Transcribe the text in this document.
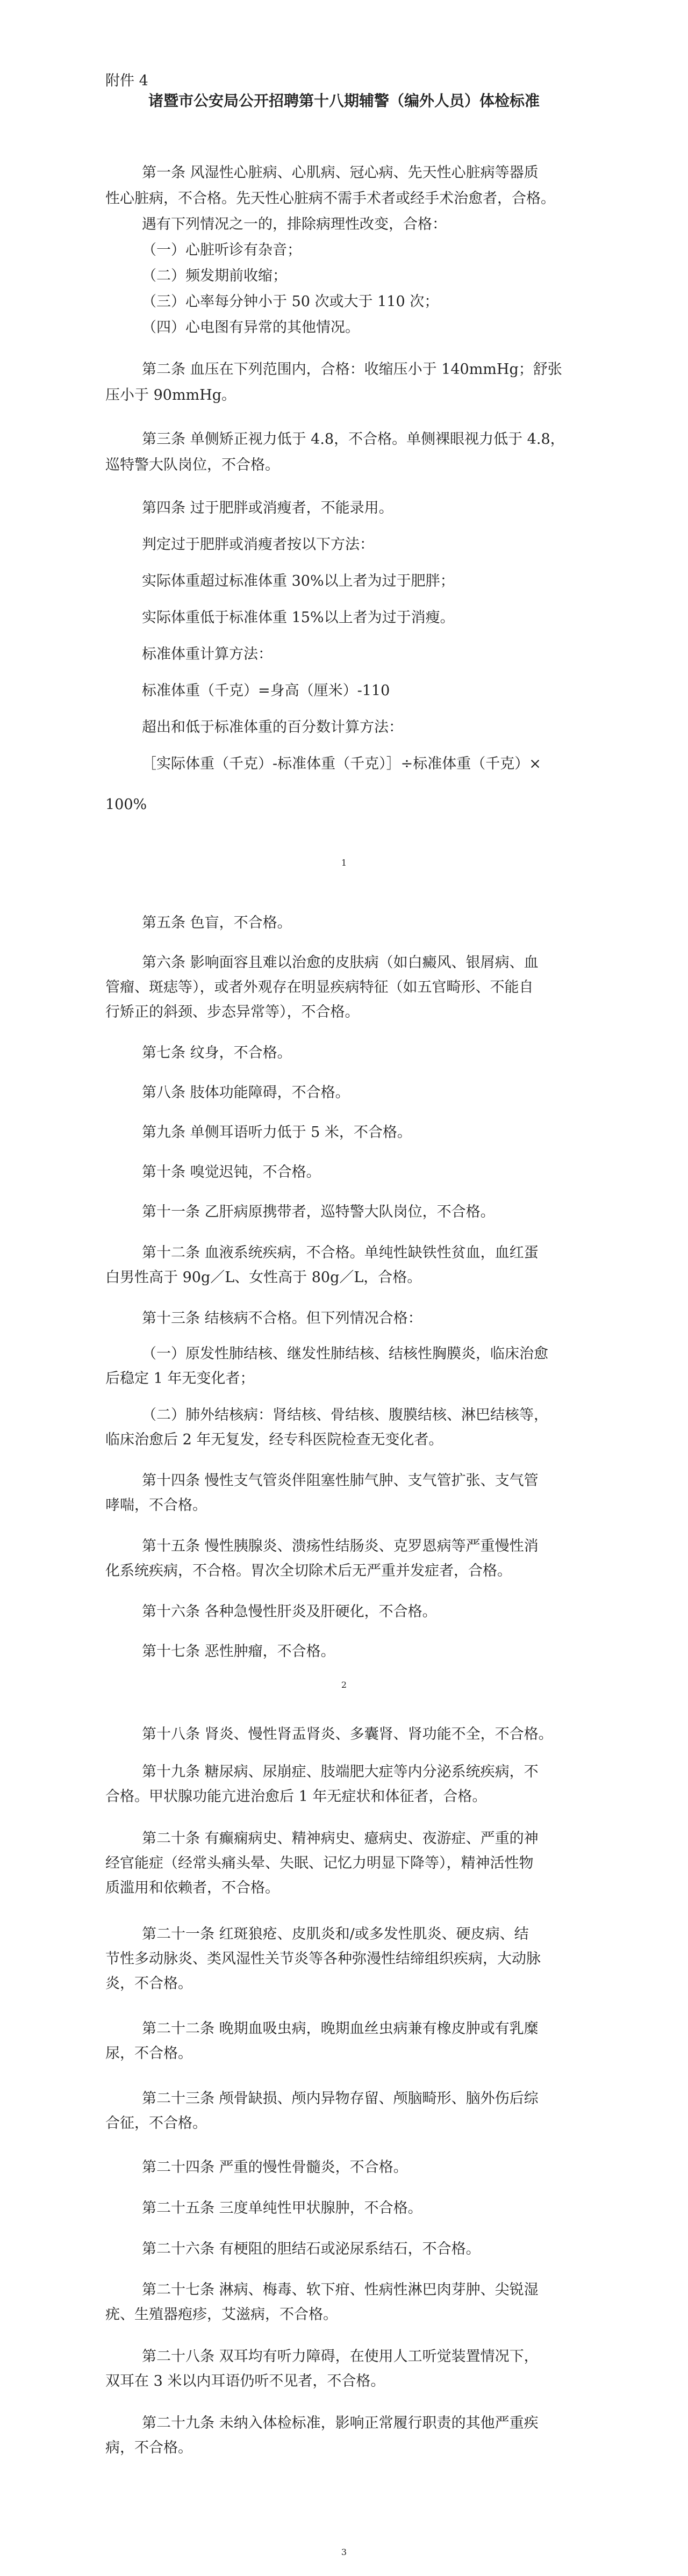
附件 4
诸暨市公安局公开招聘第十八期辅警（编外人员）体检标准
第一条 风湿性心脏病、心肌病、冠心病、先天性心脏病等器质
性心脏病，不合格。先天性心脏病不需手术者或经手术治愈者，合格。
遇有下列情况之一的，排除病理性改变，合格：
（一）心脏听诊有杂音；
（二）频发期前收缩；
（三）心率每分钟小于 50 次或大于 110 次；
（四）心电图有异常的其他情况。
第二条 血压在下列范围内，合格：收缩压小于 140mmHg；舒张
压小于 90mmHg。
第三条 单侧矫正视力低于 4.8，不合格。单侧裸眼视力低于 4.8，
巡特警大队岗位，不合格。
第四条 过于肥胖或消瘦者，不能录用。
判定过于肥胖或消瘦者按以下方法：
实际体重超过标准体重 30%以上者为过于肥胖；
实际体重低于标准体重 15%以上者为过于消瘦。
标准体重计算方法：
标准体重（千克）=身高（厘米）-110
超出和低于标准体重的百分数计算方法：
［实际体重（千克）-标准体重（千克）］÷标准体重（千克）×
100%
1
第五条 色盲，不合格。
第六条 影响面容且难以治愈的皮肤病（如白癜风、银屑病、血
管瘤、斑痣等），或者外观存在明显疾病特征（如五官畸形、不能自
行矫正的斜颈、步态异常等），不合格。
第七条 纹身，不合格。
第八条 肢体功能障碍，不合格。
第九条 单侧耳语听力低于 5 米，不合格。
第十条 嗅觉迟钝，不合格。
第十一条 乙肝病原携带者，巡特警大队岗位，不合格。
第十二条 血液系统疾病，不合格。单纯性缺铁性贫血，血红蛋
白男性高于 90g／L、女性高于 80g／L，合格。
第十三条 结核病不合格。但下列情况合格：
（一）原发性肺结核、继发性肺结核、结核性胸膜炎，临床治愈
后稳定 1 年无变化者；
（二）肺外结核病：肾结核、骨结核、腹膜结核、淋巴结核等，
临床治愈后 2 年无复发，经专科医院检查无变化者。
第十四条 慢性支气管炎伴阻塞性肺气肿、支气管扩张、支气管
哮喘，不合格。
第十五条 慢性胰腺炎、溃疡性结肠炎、克罗恩病等严重慢性消
化系统疾病，不合格。胃次全切除术后无严重并发症者，合格。
第十六条 各种急慢性肝炎及肝硬化，不合格。
第十七条 恶性肿瘤，不合格。
2
第十八条 肾炎、慢性肾盂肾炎、多囊肾、肾功能不全，不合格。
第十九条 糖尿病、尿崩症、肢端肥大症等内分泌系统疾病，不
合格。甲状腺功能亢进治愈后 1 年无症状和体征者，合格。
第二十条 有癫痫病史、精神病史、癔病史、夜游症、严重的神
经官能症（经常头痛头晕、失眠、记忆力明显下降等），精神活性物
质滥用和依赖者，不合格。
第二十一条 红斑狼疮、皮肌炎和/或多发性肌炎、硬皮病、结
节性多动脉炎、类风湿性关节炎等各种弥漫性结缔组织疾病，大动脉
炎，不合格。
第二十二条 晚期血吸虫病，晚期血丝虫病兼有橡皮肿或有乳糜
尿，不合格。
第二十三条 颅骨缺损、颅内异物存留、颅脑畸形、脑外伤后综
合征，不合格。
第二十四条 严重的慢性骨髓炎，不合格。
第二十五条 三度单纯性甲状腺肿，不合格。
第二十六条 有梗阻的胆结石或泌尿系结石，不合格。
第二十七条 淋病、梅毒、软下疳、性病性淋巴肉芽肿、尖锐湿
疣、生殖器疱疹，艾滋病，不合格。
第二十八条 双耳均有听力障碍，在使用人工听觉装置情况下，
双耳在 3 米以内耳语仍听不见者，不合格。
第二十九条 未纳入体检标准，影响正常履行职责的其他严重疾
病，不合格。
3
